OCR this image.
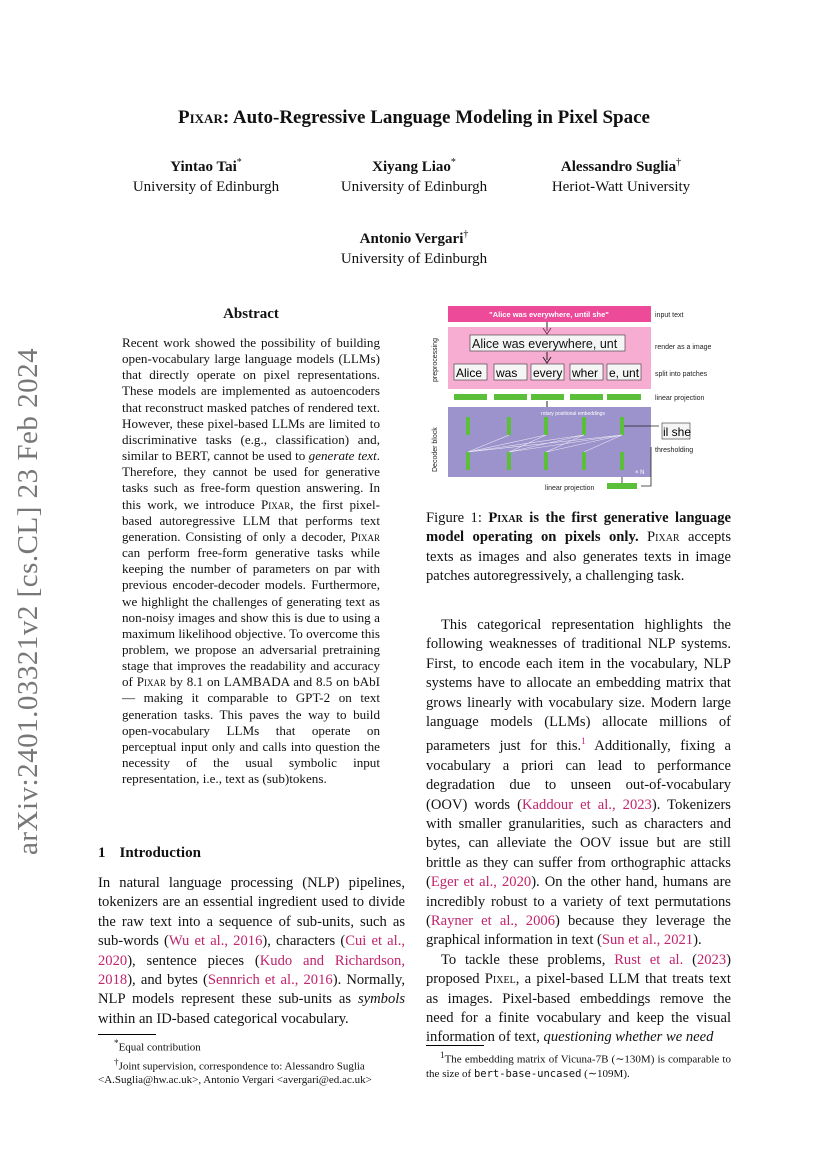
Pixar: Auto-Regressive Language Modeling in Pixel Space
Yintao Tai*
University of Edinburgh
Xiyang Liao*
University of Edinburgh
Alessandro Suglia†
Heriot-Watt University
Antonio Vergari†
University of Edinburgh
arXiv:2401.03321v2 [cs.CL] 23 Feb 2024
Abstract
Recent work showed the possibility of building open-vocabulary large language models (LLMs) that directly operate on pixel representations. These models are implemented as autoencoders that reconstruct masked patches of rendered text. However, these pixel-based LLMs are limited to discriminative tasks (e.g., classification) and, similar to BERT, cannot be used to generate text. Therefore, they cannot be used for generative tasks such as free-form question answering. In this work, we introduce Pixar, the first pixel-based autoregressive LLM that performs text generation. Consisting of only a decoder, Pixar can perform free-form generative tasks while keeping the number of parameters on par with previous encoder-decoder models. Furthermore, we highlight the challenges of generating text as non-noisy images and show this is due to using a maximum likelihood objective. To overcome this problem, we propose an adversarial pretraining stage that improves the readability and accuracy of Pixar by 8.1 on LAMBADA and 8.5 on bAbI— making it comparable to GPT-2 on text generation tasks. This paves the way to build open-vocabulary LLMs that operate on perceptual input only and calls into question the necessity of the usual symbolic input representation, i.e., text as (sub)tokens.
1 Introduction
In natural language processing (NLP) pipelines, tokenizers are an essential ingredient used to divide the raw text into a sequence of sub-units, such as sub-words (Wu et al., 2016), characters (Cui et al., 2020), sentence pieces (Kudo and Richardson, 2018), and bytes (Sennrich et al., 2016). Normally, NLP models represent these sub-units as symbols within an ID-based categorical vocabulary.
*Equal contribution
†Joint supervision, correspondence to: Alessandro Suglia <A.Suglia@hw.ac.uk>, Antonio Vergari <avergari@ed.ac.uk>
"Alice was everywhere, until she"	input text
Alice was everywhere, unt	render as a image
Alice was every wher e, unt split into patches
preprocessing
linear projection
rotary positional embeddings
× N
Decoder block	il she
thresholding
linear projection
Figure 1: Pixar is the first generative language model operating on pixels only. Pixar accepts texts as images and also generates texts in image patches autoregressively, a challenging task.

This categorical representation highlights the following weaknesses of traditional NLP systems. First, to encode each item in the vocabulary, NLP systems have to allocate an embedding matrix that grows linearly with vocabulary size. Modern large language models (LLMs) allocate millions of parameters just for this.$^1$ Additionally, fixing a vocabulary a priori can lead to performance degradation due to unseen out-of-vocabulary (OOV) words (Kaddour et al., 2023). Tokenizers with smaller granularities, such as characters and bytes, can alleviate the OOV issue but are still brittle as they can suffer from orthographic attacks (Eger et al., 2020). On the other hand, humans are incredibly robust to a variety of text permutations (Rayner et al., 2006) because they leverage the graphical information in text (Sun et al., 2021).

To tackle these problems, Rust et al. (2023) proposed Pixel, a pixel-based LLM that treats text as images. Pixel-based embeddings remove the need for a finite vocabulary and keep the visual information of text, questioning whether we need

$^1$The embedding matrix of Vicuna-7B (∼130M) is comparable to the size of bert-base-uncased (∼109M).
